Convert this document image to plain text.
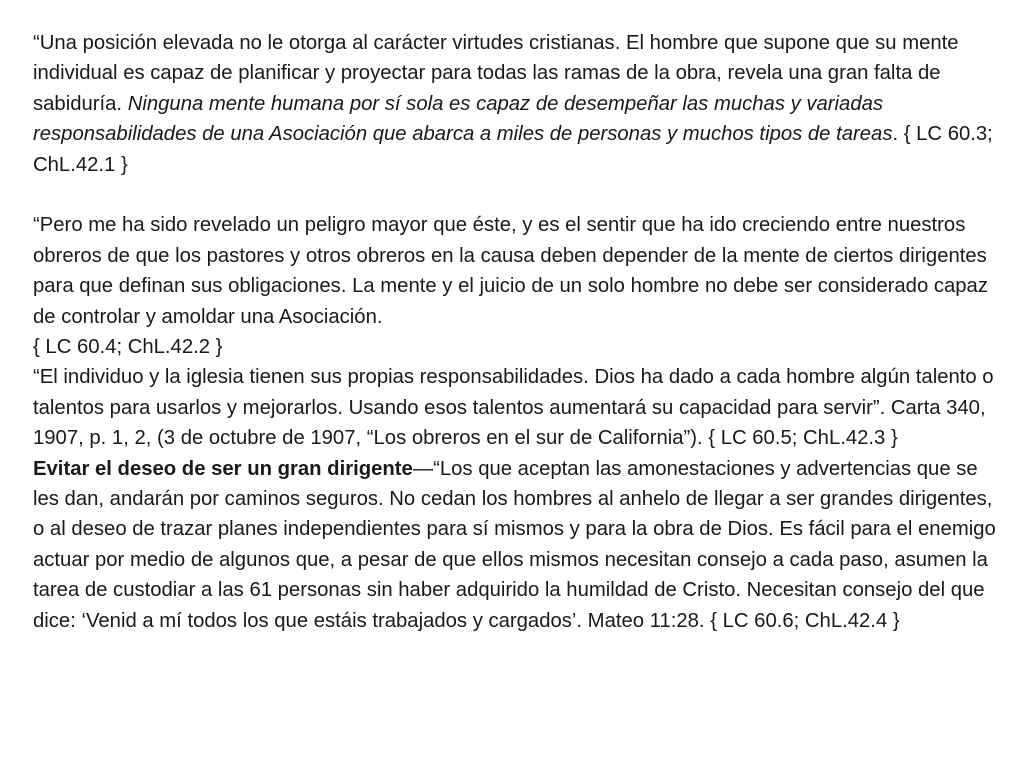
“Una posición elevada no le otorga al carácter virtudes cristianas. El hombre que supone que su mente individual es capaz de planificar y proyectar para todas las ramas de la obra, revela una gran falta de sabiduría. Ninguna mente humana por sí sola es capaz de desempeñar las muchas y variadas responsabilidades de una Asociación que abarca a miles de personas y muchos tipos de tareas. { LC 60.3; ChL.42.1 }

“Pero me ha sido revelado un peligro mayor que éste, y es el sentir que ha ido creciendo entre nuestros obreros de que los pastores y otros obreros en la causa deben depender de la mente de ciertos dirigentes para que definan sus obligaciones. La mente y el juicio de un solo hombre no debe ser considerado capaz de controlar y amoldar una Asociación.
{ LC 60.4; ChL.42.2 }

“El individuo y la iglesia tienen sus propias responsabilidades. Dios ha dado a cada hombre algún talento o talentos para usarlos y mejorarlos. Usando esos talentos aumentará su capacidad para servir”. Carta 340, 1907, p. 1, 2, (3 de octubre de 1907, “Los obreros en el sur de California”). { LC 60.5; ChL.42.3 }

Evitar el deseo de ser un gran dirigente—“Los que aceptan las amonestaciones y advertencias que se les dan, andarán por caminos seguros. No cedan los hombres al anhelo de llegar a ser grandes dirigentes, o al deseo de trazar planes independientes para sí mismos y para la obra de Dios. Es fácil para el enemigo actuar por medio de algunos que, a pesar de que ellos mismos necesitan consejo a cada paso, asumen la tarea de custodiar a las 61 personas sin haber adquirido la humildad de Cristo. Necesitan consejo del que dice: ‘Venid a mí todos los que estáis trabajados y cargados’. Mateo 11:28. { LC 60.6; ChL.42.4 }
